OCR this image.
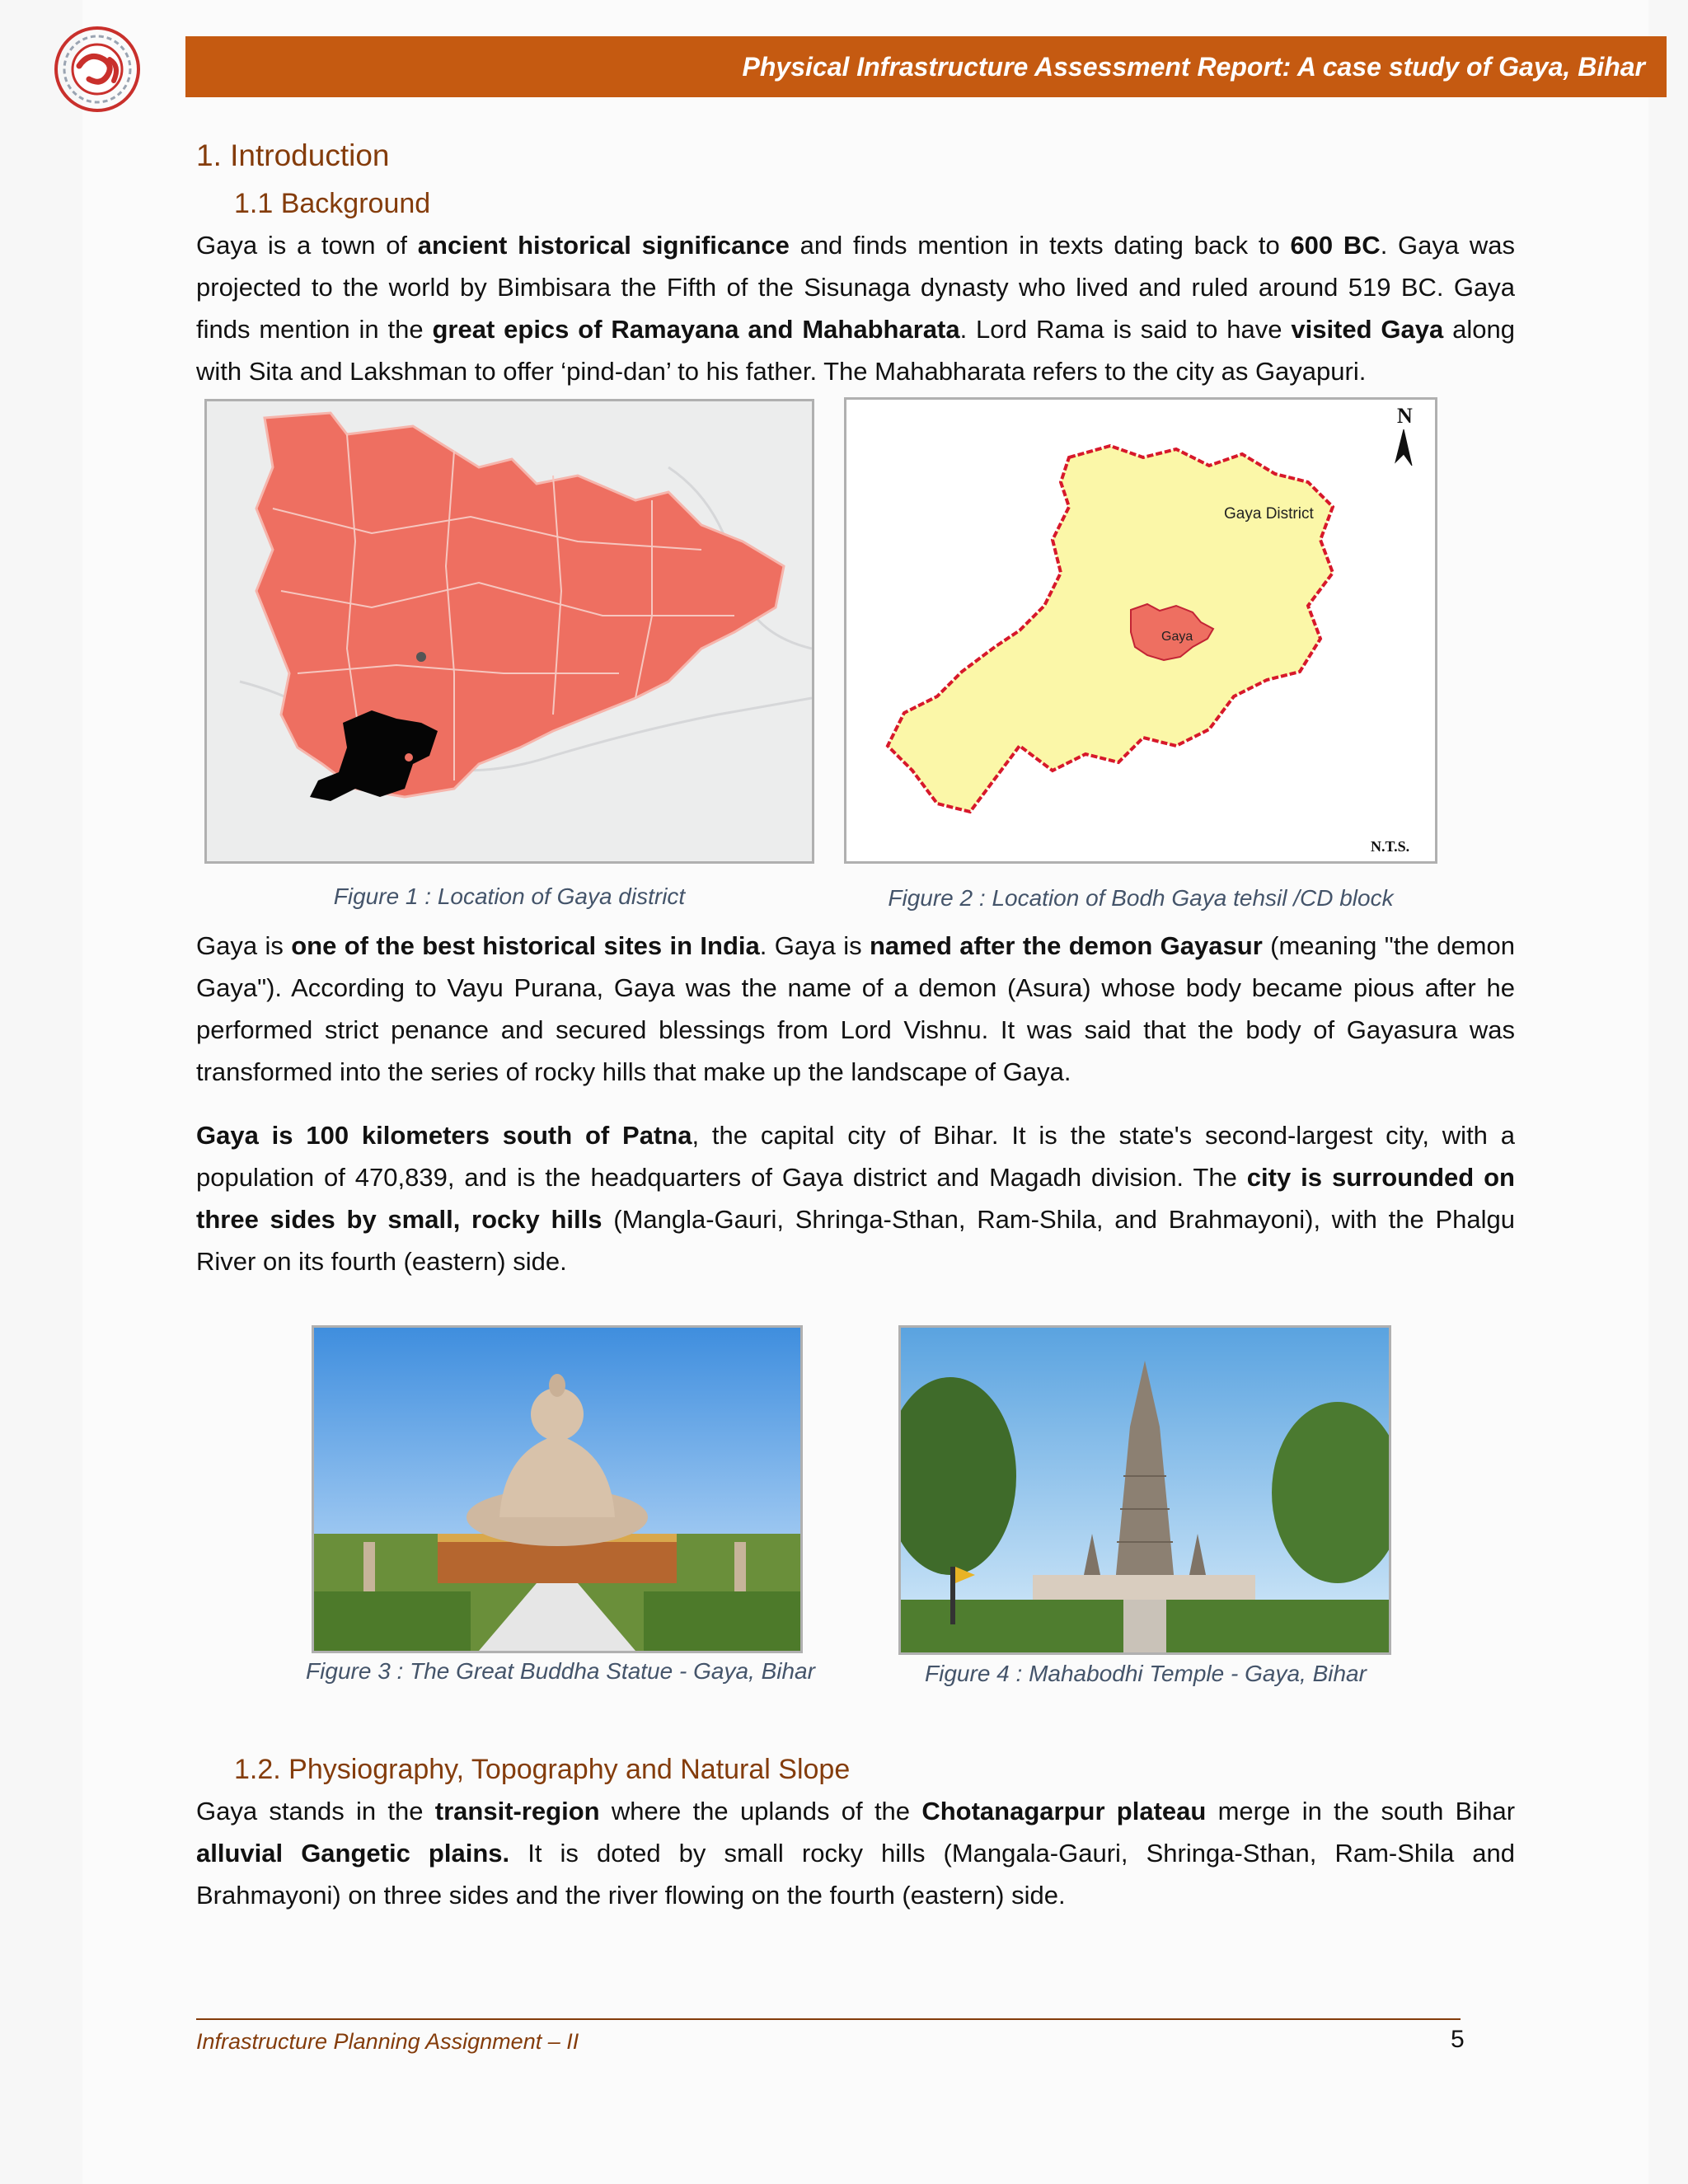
Physical Infrastructure Assessment Report: A case study of Gaya, Bihar
1. Introduction
1.1 Background

Gaya is a town of ancient historical significance and finds mention in texts dating back to 600 BC. Gaya was projected to the world by Bimbisara the Fifth of the Sisunaga dynasty who lived and ruled around 519 BC. Gaya finds mention in the great epics of Ramayana and Mahabharata. Lord Rama is said to have visited Gaya along with Sita and Lakshman to offer ‘pind-dan’ to his father. The Mahabharata refers to the city as Gayapuri.

Figure 1 : Location of Gaya district
Gaya District
Gaya
N
N.T.S.
Figure 2 : Location of Bodh Gaya tehsil /CD block

Gaya is one of the best historical sites in India. Gaya is named after the demon Gayasur (meaning "the demon Gaya"). According to Vayu Purana, Gaya was the name of a demon (Asura) whose body became pious after he performed strict penance and secured blessings from Lord Vishnu. It was said that the body of Gayasura was transformed into the series of rocky hills that make up the landscape of Gaya.

Gaya is 100 kilometers south of Patna, the capital city of Bihar. It is the state's second-largest city, with a population of 470,839, and is the headquarters of Gaya district and Magadh division. The city is surrounded on three sides by small, rocky hills (Mangla-Gauri, Shringa-Sthan, Ram-Shila, and Brahmayoni), with the Phalgu River on its fourth (eastern) side.

Figure 3 : The Great Buddha Statue - Gaya, Bihar	Figure 4 : Mahabodhi Temple - Gaya, Bihar
1.2. Physiography, Topography and Natural Slope

Gaya stands in the transit-region where the uplands of the Chotanagarpur plateau merge in the south Bihar alluvial Gangetic plains. It is doted by small rocky hills (Mangala-Gauri, Shringa-Sthan, Ram-Shila and Brahmayoni) on three sides and the river flowing on the fourth (eastern) side.

Infrastructure Planning Assignment – II	5
